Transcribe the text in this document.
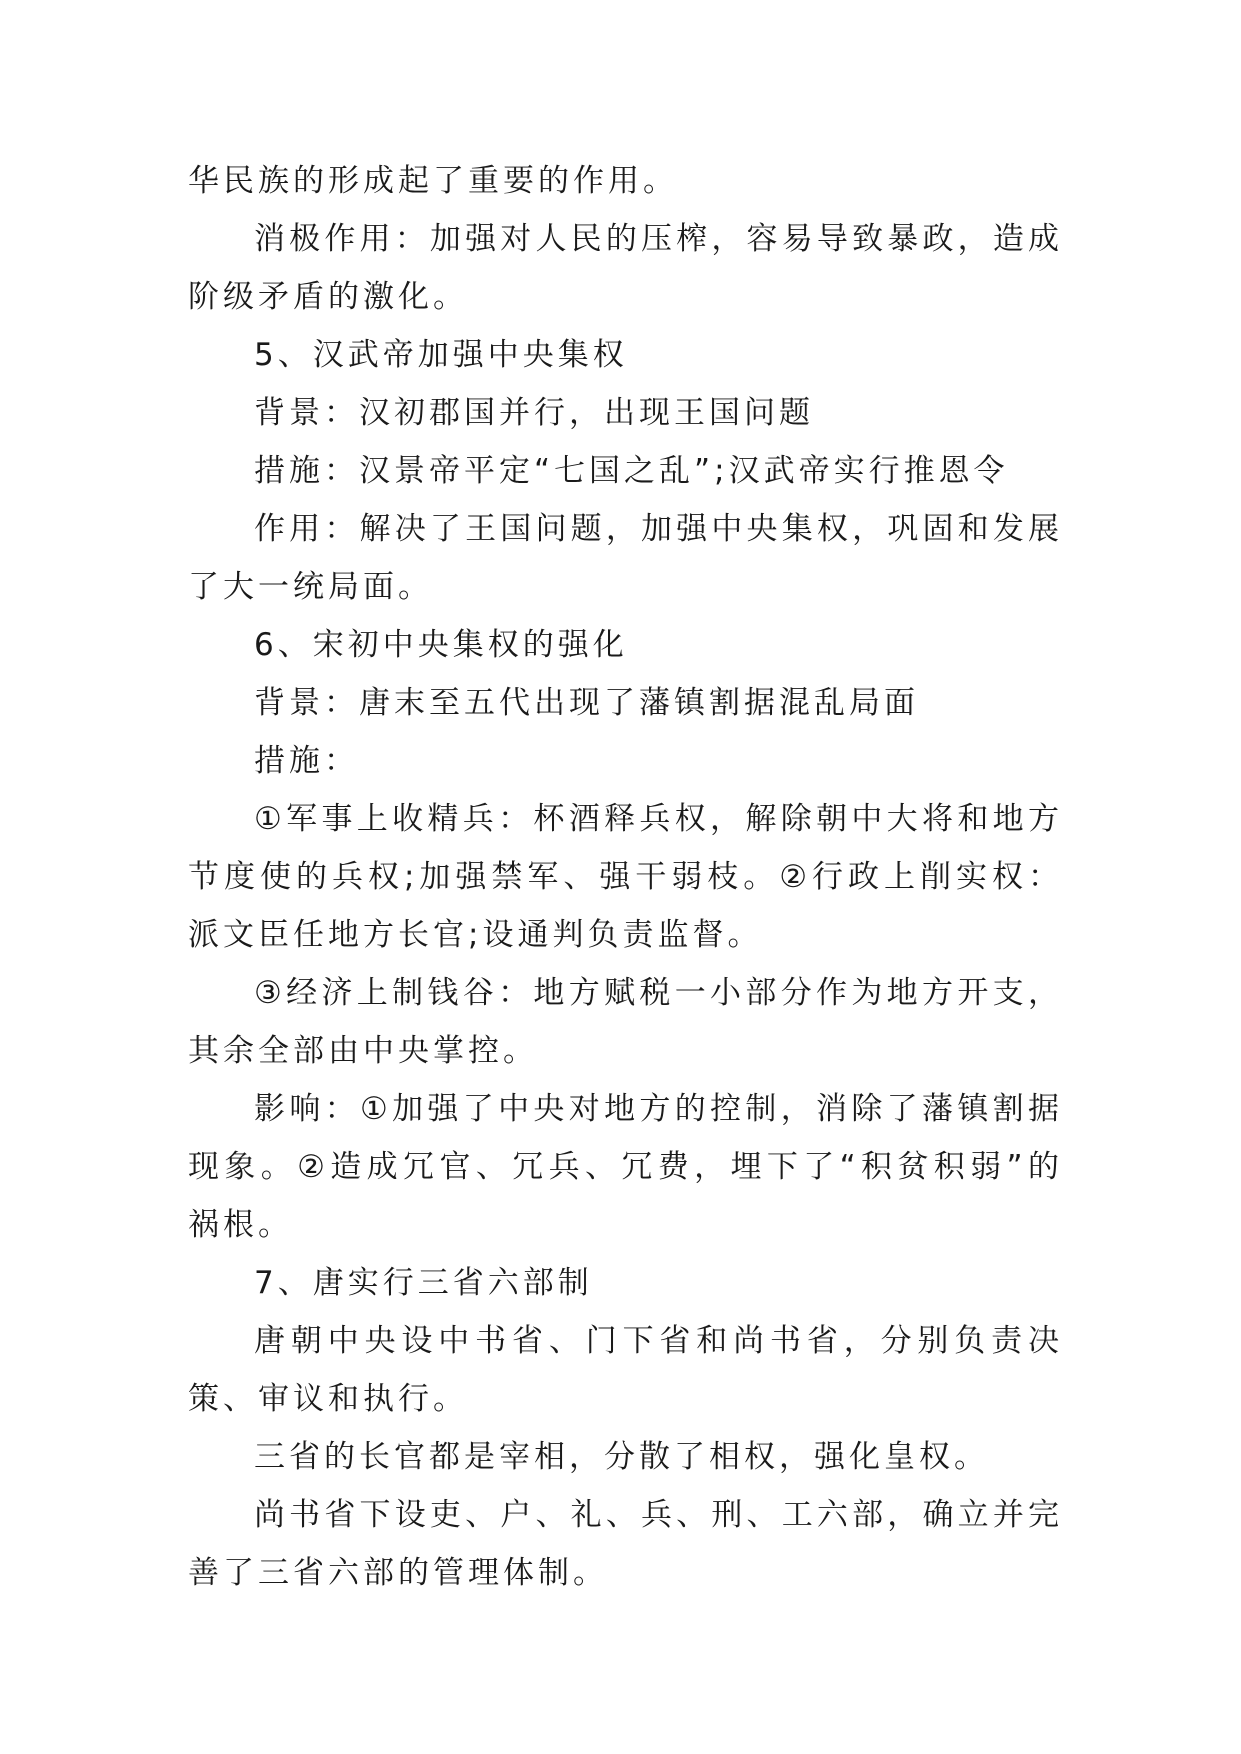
华民族的形成起了重要的作用。

消极作用：加强对人民的压榨，容易导致暴政，造成阶级矛盾的激化。

5、汉武帝加强中央集权

背景：汉初郡国并行，出现王国问题

措施：汉景帝平定“七国之乱”;汉武帝实行推恩令

作用：解决了王国问题，加强中央集权，巩固和发展了大一统局面。

6、宋初中央集权的强化

背景：唐末至五代出现了藩镇割据混乱局面

措施：

①军事上收精兵：杯酒释兵权，解除朝中大将和地方节度使的兵权;加强禁军、强干弱枝。②行政上削实权：派文臣任地方长官;设通判负责监督。

③经济上制钱谷：地方赋税一小部分作为地方开支，其余全部由中央掌控。

影响：①加强了中央对地方的控制，消除了藩镇割据现象。②造成冗官、冗兵、冗费，埋下了“积贫积弱”的祸根。

7、唐实行三省六部制

唐朝中央设中书省、门下省和尚书省，分别负责决策、审议和执行。

三省的长官都是宰相，分散了相权，强化皇权。

尚书省下设吏、户、礼、兵、刑、工六部，确立并完善了三省六部的管理体制。
